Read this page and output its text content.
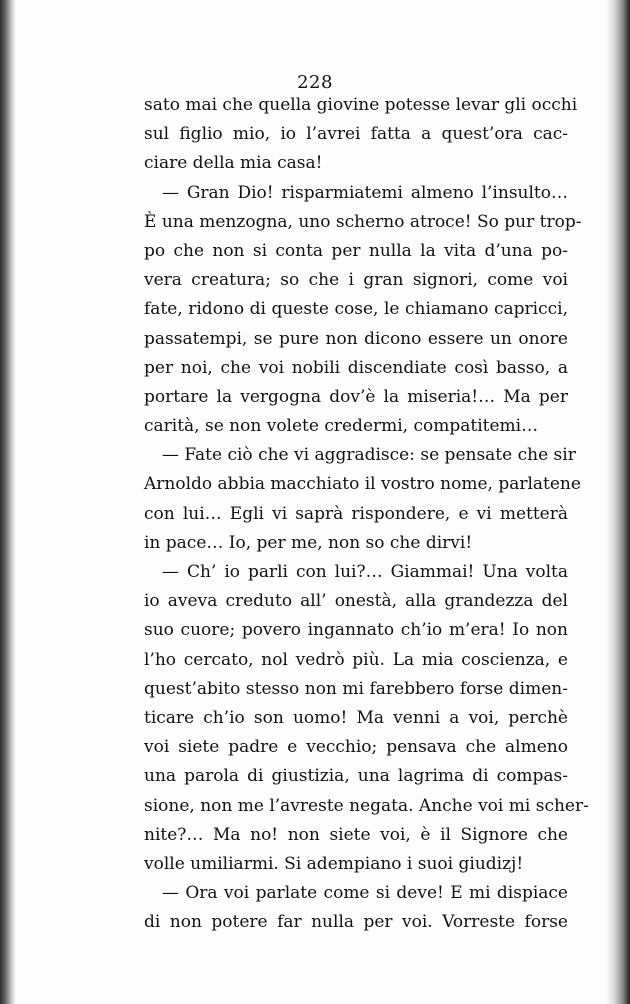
228
sato mai che quella giovine potesse levar gli occhi
sul figlio mio, io l’avrei fatta a quest’ora cac-
ciare della mia casa!
— Gran Dio! risparmiatemi almeno l’insulto…
È una menzogna, uno scherno atroce! So pur trop-
po che non si conta per nulla la vita d’una po-
vera creatura; so che i gran signori, come voi
fate, ridono di queste cose, le chiamano capricci,
passatempi, se pure non dicono essere un onore
per noi, che voi nobili discendiate così basso, a
portare la vergogna dov’è la miseria!… Ma per
carità, se non volete credermi, compatitemi…
— Fate ciò che vi aggradisce: se pensate che sir
Arnoldo abbia macchiato il vostro nome, parlatene
con lui… Egli vi saprà rispondere, e vi metterà
in pace… Io, per me, non so che dirvi!
— Ch’ io parli con lui?… Giammai! Una volta
io aveva creduto all’ onestà, alla grandezza del
suo cuore; povero ingannato ch’io m’era! Io non
l’ho cercato, nol vedrò più. La mia coscienza, e
quest’abito stesso non mi farebbero forse dimen-
ticare ch’io son uomo! Ma venni a voi, perchè
voi siete padre e vecchio; pensava che almeno
una parola di giustizia, una lagrima di compas-
sione, non me l’avreste negata. Anche voi mi scher-
nite?… Ma no! non siete voi, è il Signore che
volle umiliarmi. Si adempiano i suoi giudizj!
— Ora voi parlate come si deve! E mi dispiace
di non potere far nulla per voi. Vorreste forse
